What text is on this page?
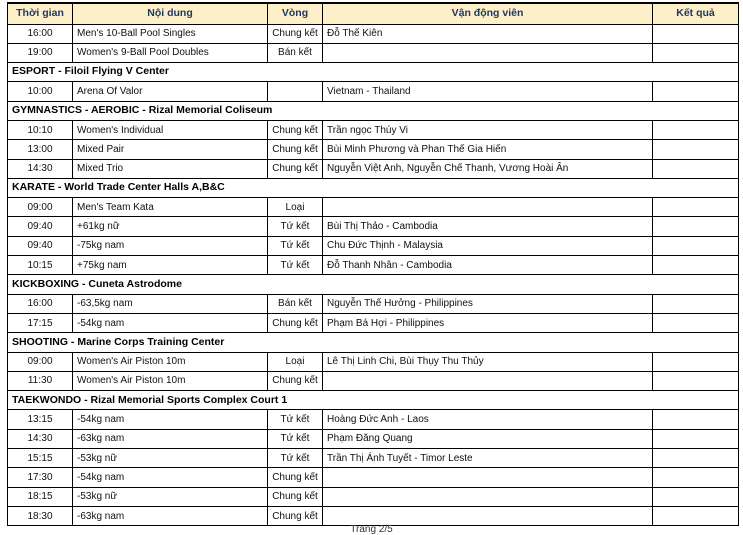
Thời gian	Nội dung	Vòng	Vận động viên	Kết quả
16:00	Men's 10-Ball Pool Singles	Chung kết	Đỗ Thế Kiên	
19:00	Women's 9-Ball Pool Doubles	Bán kết		
ESPORT - Filoil Flying V Center				
10:00	Arena Of Valor		Vietnam - Thailand	
GYMNASTICS - AEROBIC - Rizal Memorial Coliseum				
10:10	Women's Individual	Chung kết	Trần ngọc Thúy Vi	
13:00	Mixed Pair	Chung kết	Bùi Minh Phương và Phan Thế Gia Hiến	
14:30	Mixed Trio	Chung kết	Nguyễn Việt Anh, Nguyễn Chế Thanh, Vương Hoài Ân	
KARATE - World Trade Center Halls A,B&C				
09:00	Men's Team Kata	Loại		
09:40	+61kg nữ	Tứ kết	Bùi Thị Thảo - Cambodia	
09:40	-75kg nam	Tứ kết	Chu Đức Thịnh - Malaysia	
10:15	+75kg nam	Tứ kết	Đỗ Thanh Nhân - Cambodia	
KICKBOXING - Cuneta Astrodome				
16:00	-63,5kg nam	Bán kết	Nguyễn Thế Hưởng - Philippines	
17:15	-54kg nam	Chung kết	Phạm Bá Hợi - Philippines	
SHOOTING - Marine Corps Training Center				
09:00	Women's Air Piston 10m	Loại	Lê Thị Linh Chi, Bùi Thụy Thu Thủy	
11:30	Women's Air Piston 10m	Chung kết		
TAEKWONDO - Rizal Memorial Sports Complex Court 1				
13:15	-54kg nam	Tứ kết	Hoàng Đức Anh - Laos	
14:30	-63kg nam	Tứ kết	Phạm Đăng Quang	
15:15	-53kg nữ	Tứ kết	Trần Thị Ánh Tuyết - Timor Leste	
17:30	-54kg nam	Chung kết		
18:15	-53kg nữ	Chung kết		
18:30	-63kg nam	Chung kết		
Trang 2/5
